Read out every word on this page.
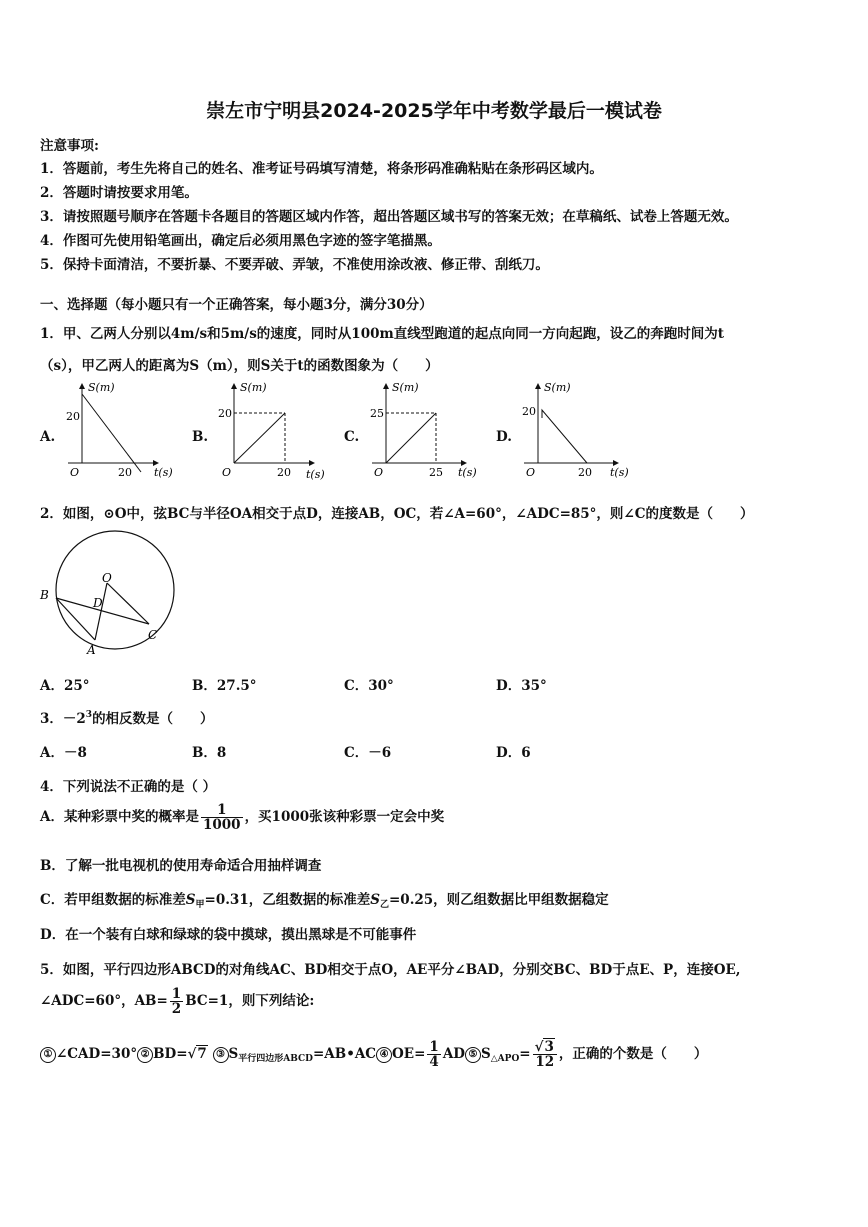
崇左市宁明县2024-2025学年中考数学最后一模试卷
注意事项:
1．答题前，考生先将自己的姓名、准考证号码填写清楚，将条形码准确粘贴在条形码区域内。
2．答题时请按要求用笔。
3．请按照题号顺序在答题卡各题目的答题区域内作答，超出答题区域书写的答案无效；在草稿纸、试卷上答题无效。
4．作图可先使用铅笔画出，确定后必须用黑色字迹的签字笔描黑。
5．保持卡面清洁，不要折暴、不要弄破、弄皱，不准使用涂改液、修正带、刮纸刀。
一、选择题（每小题只有一个正确答案，每小题3分，满分30分）
1．甲、乙两人分别以4m/s和5m/s的速度，同时从100m直线型跑道的起点向同一方向起跑，设乙的奔跑时间为t
（s），甲乙两人的距离为S（m），则S关于t的函数图象为（　　）
A.
S(m)
20
O	20 t(s)
B.
S(m)
20
O	20 t(s)
C.
S(m)
25
O	25 t(s)
D.
S(m)
20
O	20 t(s)
2．如图，⊙O中，弦BC与半径OA相交于点D，连接AB，OC，若∠A=60°，∠ADC=85°，则∠C的度数是（　　）
O
B
D
C
A
A．25°	B．27.5°	C．30°	D．35°
3．$-2^3$的相反数是（　　）
A．－8	B．8	C．－6	D．6
4．下列说法不正确的是（ ）
A．某种彩票中奖的概率是 $\frac{1}{1000}$ ，买1000张该种彩票一定会中奖
B．了解一批电视机的使用寿命适合用抽样调查
C．若甲组数据的标准差$S_甲=0.31$，乙组数据的标准差$S_乙=0.25$，则乙组数据比甲组数据稳定
D．在一个装有白球和绿球的袋中摸球，摸出黑球是不可能事件
5．如图，平行四边形ABCD的对角线AC、BD相交于点O，AE平分∠BAD，分别交BC、BD于点E、P，连接OE,
∠ADC=60°，$AB= \frac{1}{2} BC=1$，则下列结论:
① ∠CAD=30° ② BD=√7 ③ $S_{平行四边形ABCD}=AB•AC$ ④ $OE= \frac{1}{4}$ AD ⑤ $S_{\triangle APO}= \frac{√3}{12}$ ，正确的个数是（　　）
